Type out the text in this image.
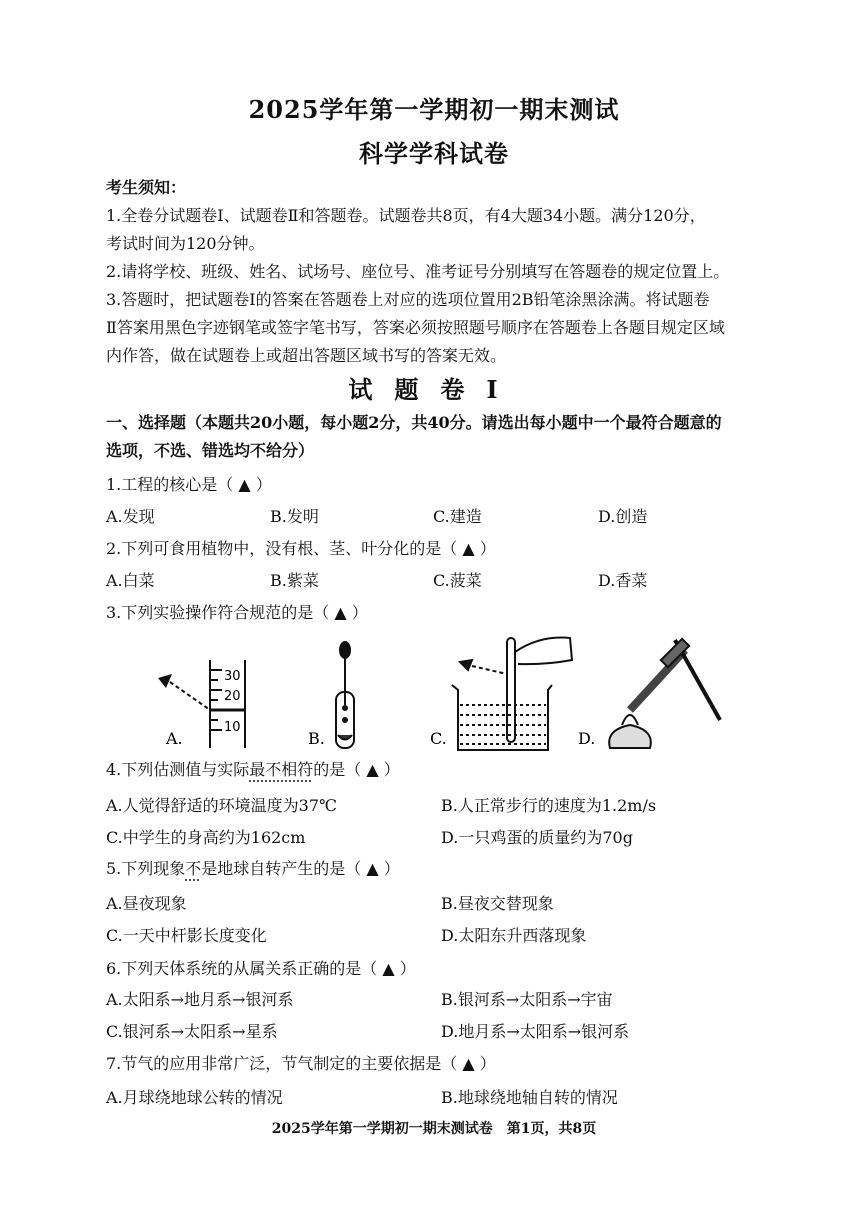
2025学年第一学期初一期末测试
科学学科试卷
考生须知：
1.全卷分试题卷Ⅰ、试题卷Ⅱ和答题卷。试题卷共8页，有4大题34小题。满分120分，
考试时间为120分钟。
2.请将学校、班级、姓名、试场号、座位号、准考证号分别填写在答题卷的规定位置上。
3.答题时，把试题卷Ⅰ的答案在答题卷上对应的选项位置用2B铅笔涂黑涂满。将试题卷
Ⅱ答案用黑色字迹钢笔或签字笔书写，答案必须按照题号顺序在答题卷上各题目规定区域
内作答，做在试题卷上或超出答题区域书写的答案无效。
试题卷Ⅰ
一、选择题（本题共20小题，每小题2分，共40分。请选出每小题中一个最符合题意的
选项，不选、错选均不给分）
1.工程的核心是（ ▲ ）
A.发现	B.发明	C.建造	D.创造
2.下列可食用植物中，没有根、茎、叶分化的是（ ▲ ）
A.白菜	B.紫菜	C.菠菜	D.香菜
3.下列实验操作符合规范的是（ ▲ ）
30
20
10
A.	B.	C.	D.
4.下列估测值与实际最不相符的是（ ▲ ）
A.人觉得舒适的环境温度为37℃	B.人正常步行的速度为1.2m/s
C.中学生的身高约为162cm	D.一只鸡蛋的质量约为70g
5.下列现象不是地球自转产生的是（ ▲ ）
A.昼夜现象	B.昼夜交替现象
C.一天中杆影长度变化	D.太阳东升西落现象
6.下列天体系统的从属关系正确的是（ ▲ ）
A.太阳系→地月系→银河系	B.银河系→太阳系→宇宙
C.银河系→太阳系→星系	D.地月系→太阳系→银河系
7.节气的应用非常广泛，节气制定的主要依据是（ ▲ ）
A.月球绕地球公转的情况	B.地球绕地轴自转的情况
2025学年第一学期初一期末测试卷　第1页，共8页
